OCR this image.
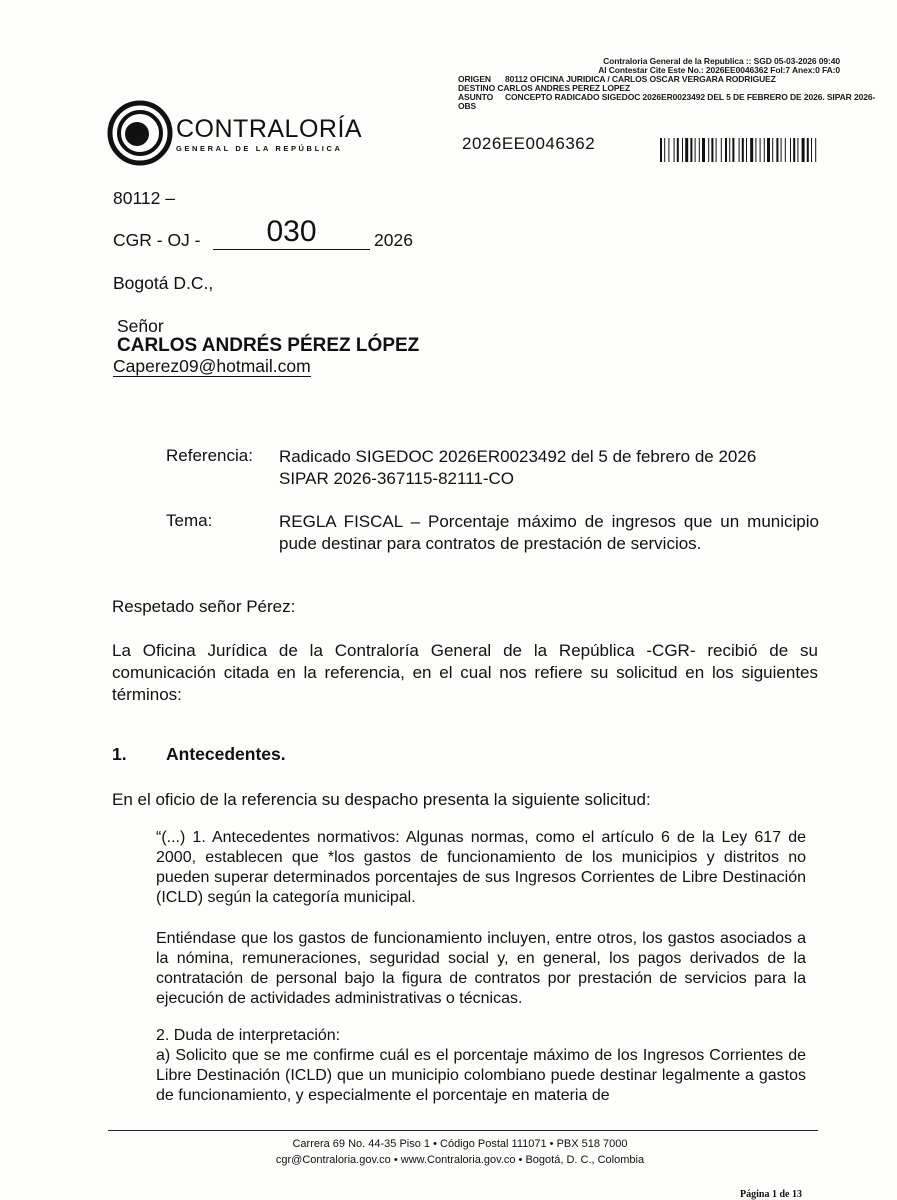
Contraloria General de la Republica :: SGD 05-03-2026 09:40
Al Contestar Cite Este No.: 2026EE0046362 Fol:7 Anex:0 FA:0
ORIGEN 80112 OFICINA JURIDICA / CARLOS OSCAR VERGARA RODRIGUEZ
DESTINO CARLOS ANDRES PEREZ LOPEZ
ASUNTO CONCEPTO RADICADO SIGEDOC 2026ER0023492 DEL 5 DE FEBRERO DE 2026. SIPAR 2026-
OBS
2026EE0046362
CONTRALORÍA
GENERAL DE LA REPÚBLICA
80112 –
CGR - OJ -	030	2026
Bogotá D.C.,
Señor
CARLOS ANDRÉS PÉREZ LÓPEZ
Caperez09@hotmail.com
Referencia:	Radicado SIGEDOC 2026ER0023492 del 5 de febrero de 2026
SIPAR 2026-367115-82111-CO
Tema:	REGLA FISCAL – Porcentaje máximo de ingresos que un municipio pude destinar para contratos de prestación de servicios.
Respetado señor Pérez:
La Oficina Jurídica de la Contraloría General de la República -CGR- recibió de su comunicación citada en la referencia, en el cual nos refiere su solicitud en los siguientes términos:
1. Antecedentes.
En el oficio de la referencia su despacho presenta la siguiente solicitud:
“(...) 1. Antecedentes normativos: Algunas normas, como el artículo 6 de la Ley 617 de 2000, establecen que *los gastos de funcionamiento de los municipios y distritos no pueden superar determinados porcentajes de sus Ingresos Corrientes de Libre Destinación (ICLD) según la categoría municipal.
Entiéndase que los gastos de funcionamiento incluyen, entre otros, los gastos asociados a la nómina, remuneraciones, seguridad social y, en general, los pagos derivados de la contratación de personal bajo la figura de contratos por prestación de servicios para la ejecución de actividades administrativas o técnicas.
2. Duda de interpretación:
a) Solicito que se me confirme cuál es el porcentaje máximo de los Ingresos Corrientes de Libre Destinación (ICLD) que un municipio colombiano puede destinar legalmente a gastos de funcionamiento, y especialmente el porcentaje en materia de
Carrera 69 No. 44-35 Piso 1 • Código Postal 111071 • PBX 518 7000
cgr@Contraloria.gov.co • www.Contraloria.gov.co • Bogotá, D. C., Colombia
Página 1 de 13
